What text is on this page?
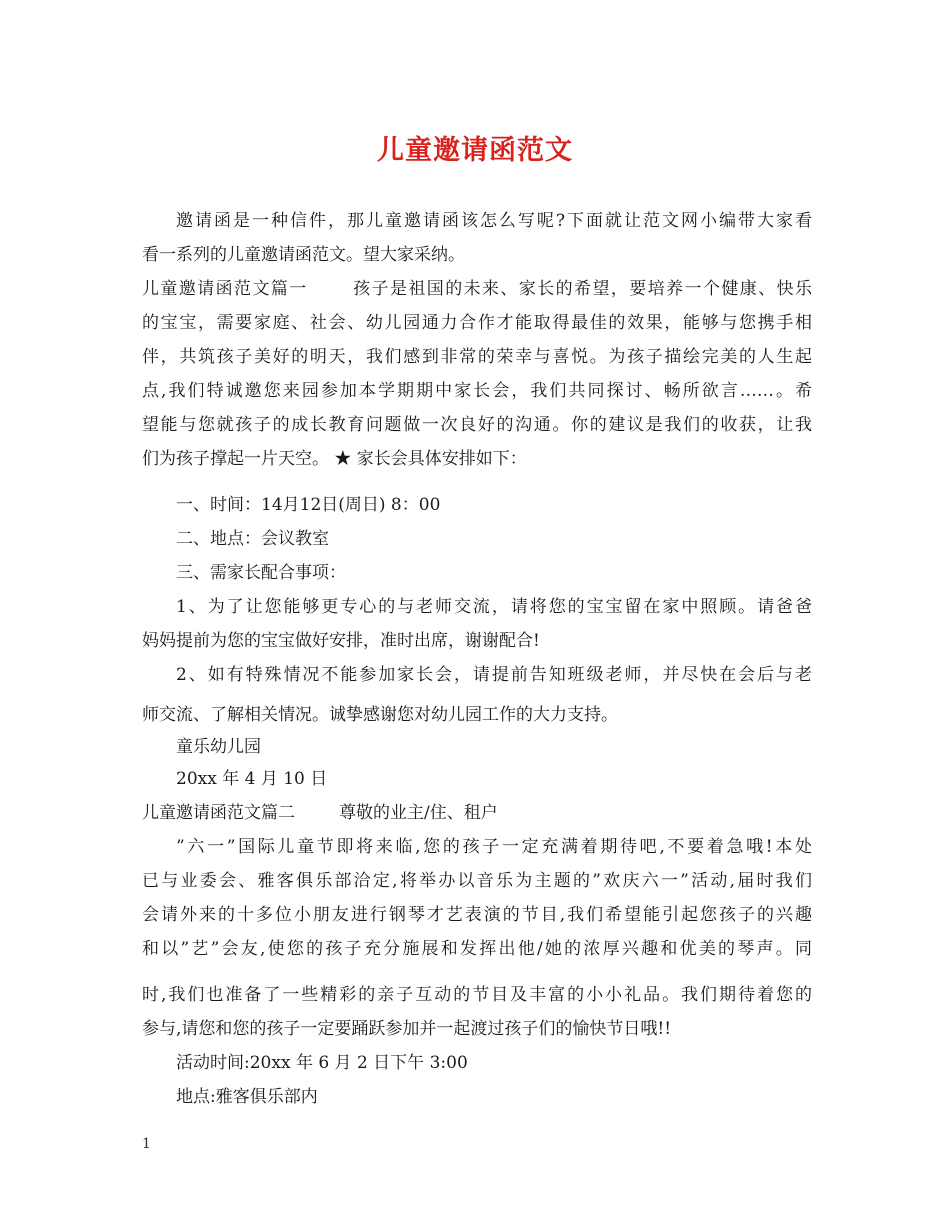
儿童邀请函范文
邀请函是一种信件，那儿童邀请函该怎么写呢?下面就让范文网小编带大家看
看一系列的儿童邀请函范文。望大家采纳。
儿童邀请函范文篇一	孩子是祖国的未来、家长的希望，要培养一个健康、快乐
的宝宝，需要家庭、社会、幼儿园通力合作才能取得最佳的效果，能够与您携手相
伴，共筑孩子美好的明天，我们感到非常的荣幸与喜悦。为孩子描绘完美的人生起
点,我们特诚邀您来园参加本学期期中家长会，我们共同探讨、畅所欲言……。希
望能与您就孩子的成长教育问题做一次良好的沟通。你的建议是我们的收获，让我
们为孩子撑起一片天空。 ★ 家长会具体安排如下：
一、时间：14月12日(周日) 8：00
二、地点：会议教室
三、需家长配合事项：
1、为了让您能够更专心的与老师交流，请将您的宝宝留在家中照顾。请爸爸
妈妈提前为您的宝宝做好安排，准时出席，谢谢配合!
2、如有特殊情况不能参加家长会，请提前告知班级老师，并尽快在会后与老
师交流、了解相关情况。诚挚感谢您对幼儿园工作的大力支持。
童乐幼儿园
20xx 年 4 月 10 日
儿童邀请函范文篇二	尊敬的业主/住、租户
”六一”国际儿童节即将来临,您的孩子一定充满着期待吧,不要着急哦!本处
已与业委会、雅客俱乐部洽定,将举办以音乐为主题的”欢庆六一”活动,届时我们
会请外来的十多位小朋友进行钢琴才艺表演的节目,我们希望能引起您孩子的兴趣
和以”艺”会友,使您的孩子充分施展和发挥出他/她的浓厚兴趣和优美的琴声。同
时,我们也准备了一些精彩的亲子互动的节目及丰富的小小礼品。我们期待着您的
参与,请您和您的孩子一定要踊跃参加并一起渡过孩子们的愉快节日哦!!
活动时间:20xx 年 6 月 2 日下午 3:00
地点:雅客俱乐部内
1
